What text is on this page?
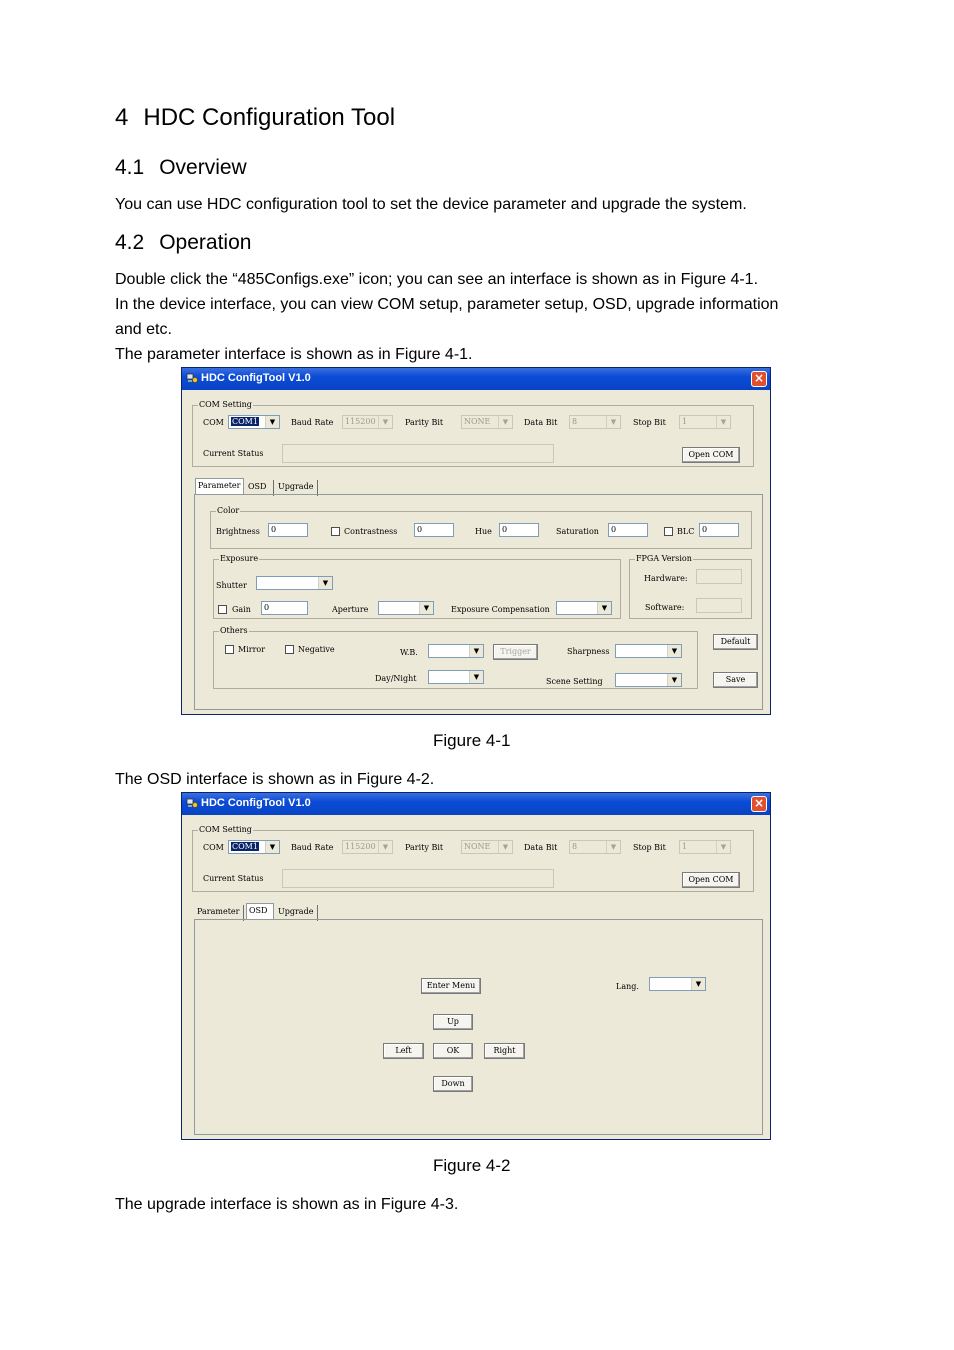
4 HDC Configuration Tool
4.1 Overview
You can use HDC configuration tool to set the device parameter and upgrade the system.
4.2 Operation
Double click the “485Configs.exe” icon; you can see an interface is shown as in Figure 4-1.
In the device interface, you can view COM setup, parameter setup, OSD, upgrade information
and etc.
The parameter interface is shown as in Figure 4-1.
HDC ConfigTool V1.0	×
COM Setting
COM	COM1	▼	Baud Rate	115200	▼	Parity Bit	NONE	▼	Data Bit	8	▼	Stop Bit	1	▼
Current Status	Open COM
Parameter OSD	Upgrade
Color
Brightness	0	Contrastness	0	Hue	0	Saturation	0	BLC 0
Exposure
Shutter	▼
Gain	0	Aperture	▼	Exposure Compensation	▼
FPGA Version
Hardware:
Software:
Others
Mirror	Negative	W.B.	▼	Trigger	Sharpness	▼
Day/Night	▼	Scene Setting	▼
Default
Save
Figure 4-1
The OSD interface is shown as in Figure 4-2.
HDC ConfigTool V1.0	×
COM Setting
COM	COM1	▼	Baud Rate	115200	▼	Parity Bit	NONE	▼	Data Bit	8	▼	Stop Bit	1	▼
Current Status	Open COM
Parameter	OSD	Upgrade
Enter Menu	Lang.	▼
Up
Left	OK	Right
Down
Figure 4-2
The upgrade interface is shown as in Figure 4-3.
